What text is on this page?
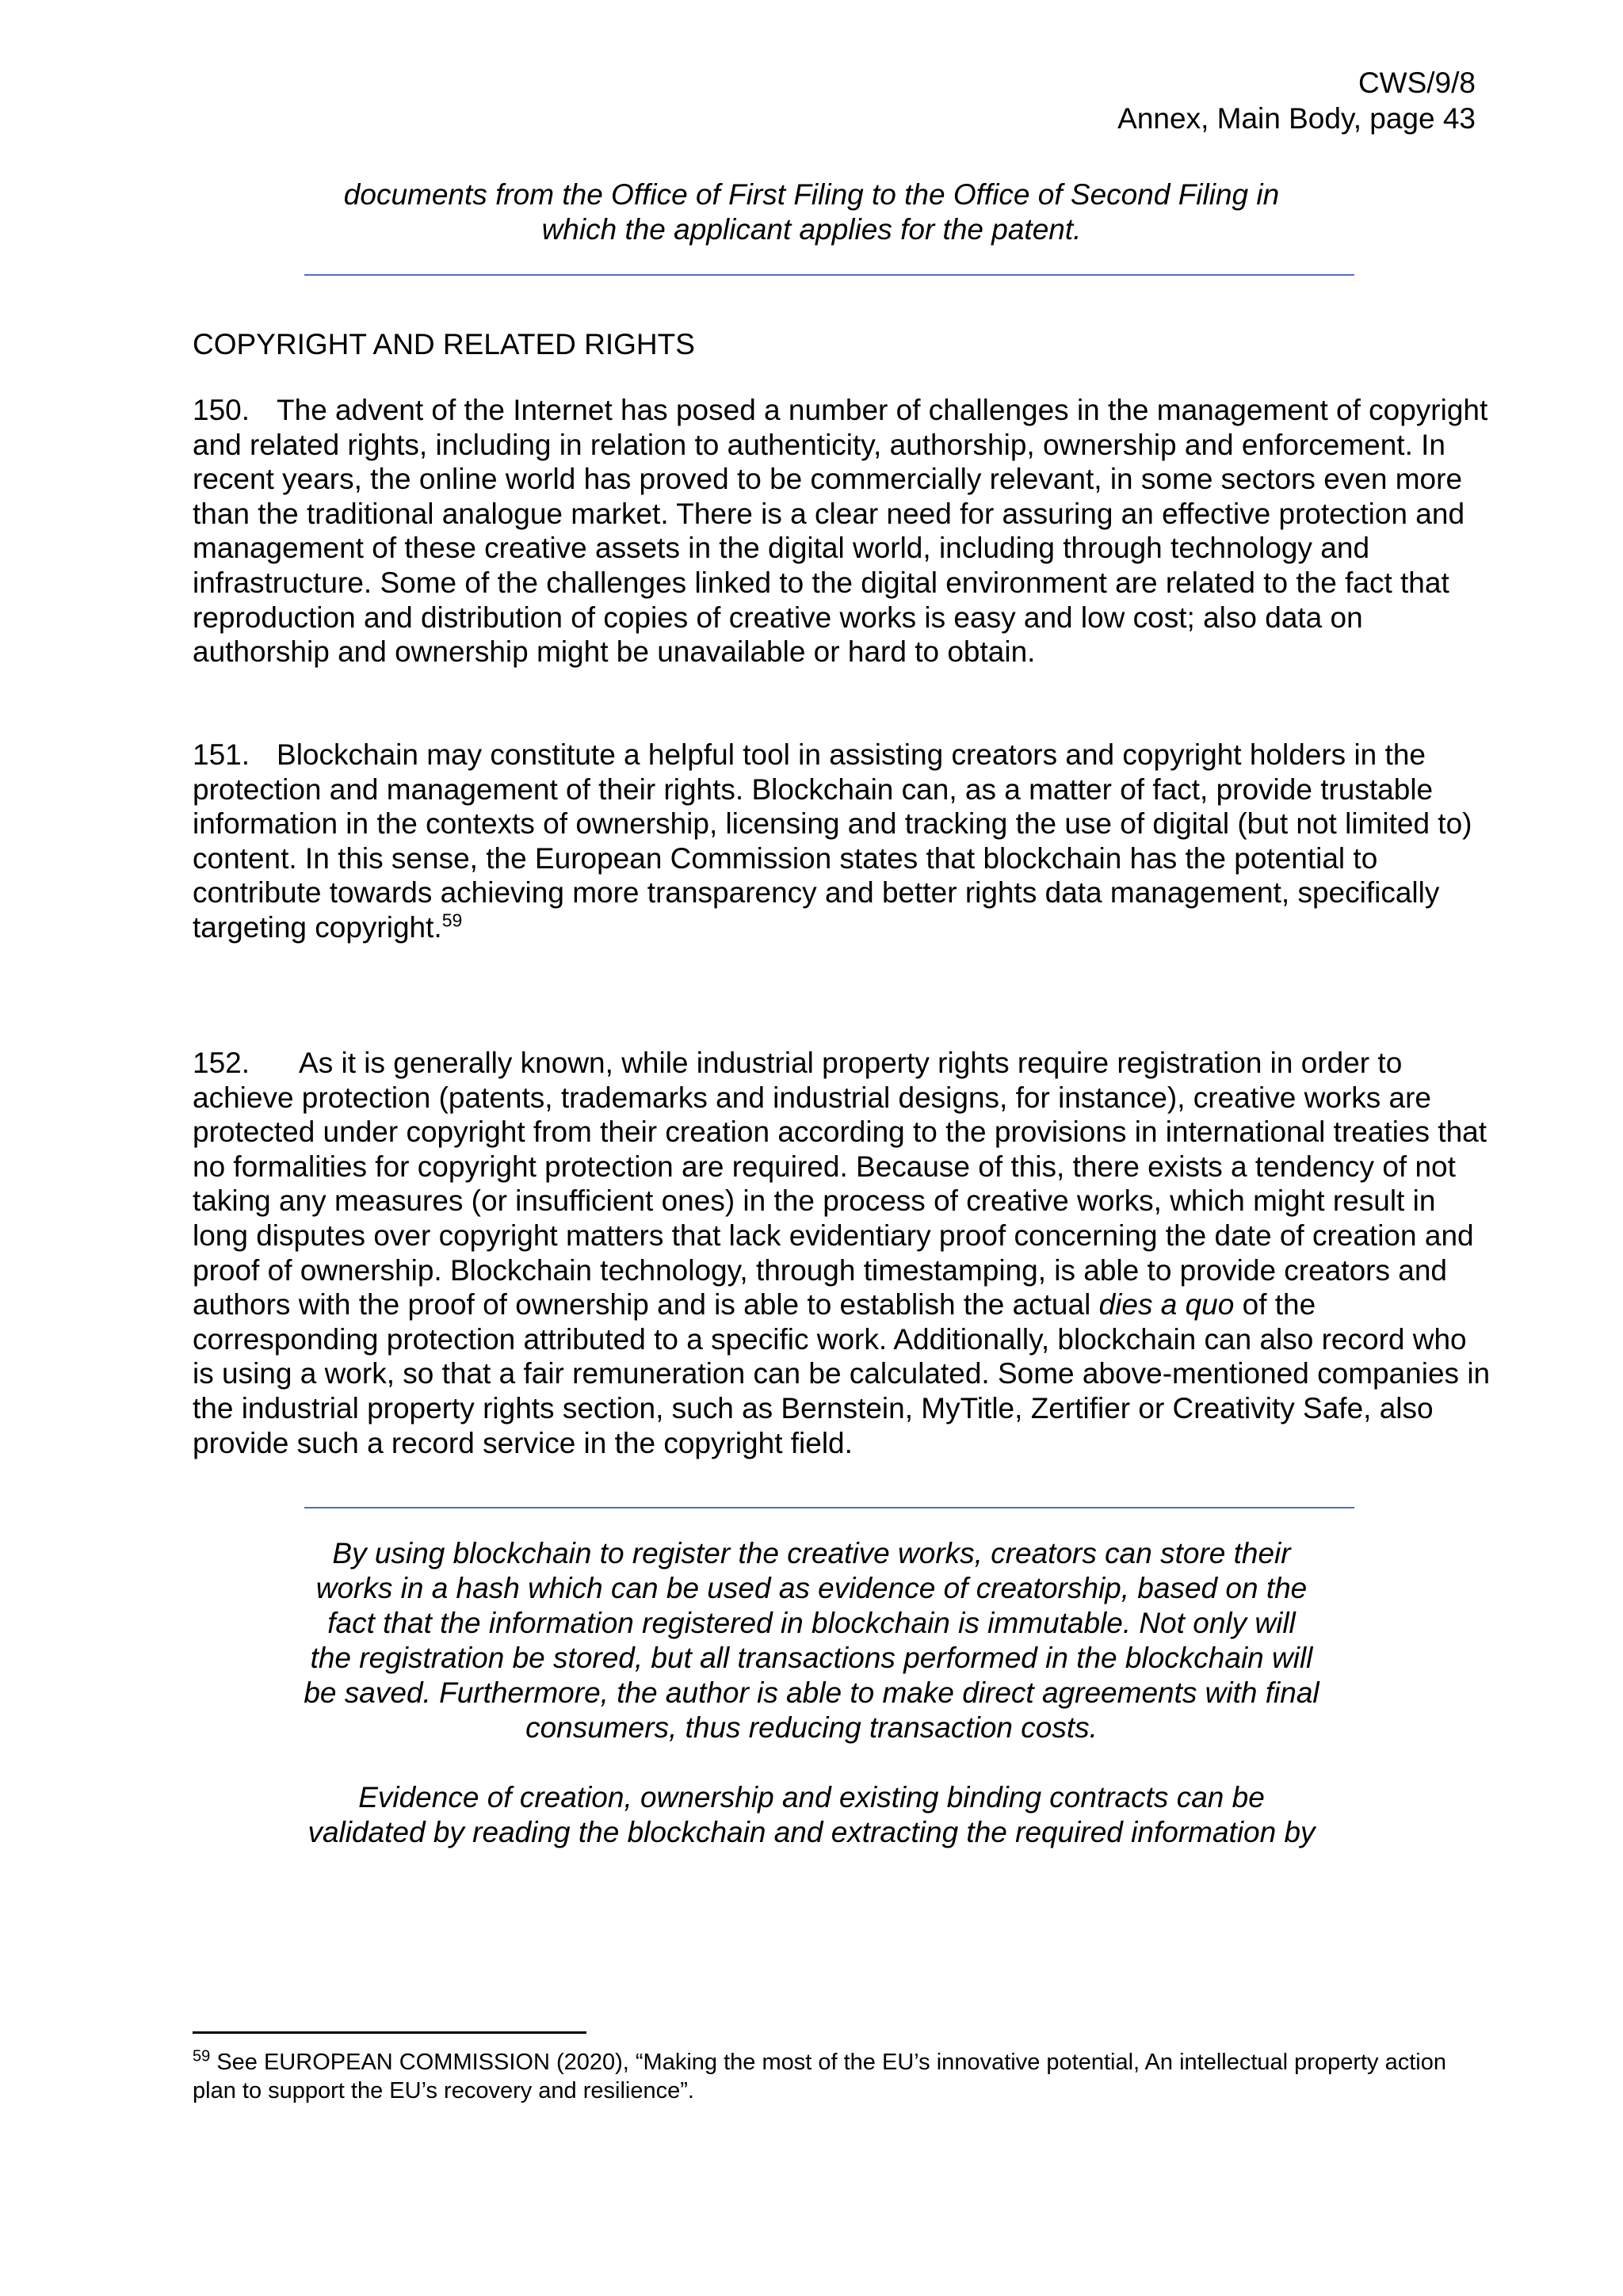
CWS/9/8
Annex, Main Body, page 43
documents from the Office of First Filing to the Office of Second Filing in
which the applicant applies for the patent.
COPYRIGHT AND RELATED RIGHTS
150. The advent of the Internet has posed a number of challenges in the management of copyright and related rights, including in relation to authenticity, authorship, ownership and enforcement. In recent years, the online world has proved to be commercially relevant, in some sectors even more than the traditional analogue market. There is a clear need for assuring an effective protection and management of these creative assets in the digital world, including through technology and infrastructure. Some of the challenges linked to the digital environment are related to the fact that reproduction and distribution of copies of creative works is easy and low cost; also data on authorship and ownership might be unavailable or hard to obtain.
151. Blockchain may constitute a helpful tool in assisting creators and copyright holders in the protection and management of their rights. Blockchain can, as a matter of fact, provide trustable information in the contexts of ownership, licensing and tracking the use of digital (but not limited to) content. In this sense, the European Commission states that blockchain has the potential to contribute towards achieving more transparency and better rights data management, specifically targeting copyright.$^{59}$
152. As it is generally known, while industrial property rights require registration in order to achieve protection (patents, trademarks and industrial designs, for instance), creative works are protected under copyright from their creation according to the provisions in international treaties that no formalities for copyright protection are required. Because of this, there exists a tendency of not taking any measures (or insufficient ones) in the process of creative works, which might result in long disputes over copyright matters that lack evidentiary proof concerning the date of creation and proof of ownership. Blockchain technology, through timestamping, is able to provide creators and authors with the proof of ownership and is able to establish the actual dies a quo of the corresponding protection attributed to a specific work. Additionally, blockchain can also record who is using a work, so that a fair remuneration can be calculated. Some above-mentioned companies in the industrial property rights section, such as Bernstein, MyTitle, Zertifier or Creativity Safe, also provide such a record service in the copyright field.
By using blockchain to register the creative works, creators can store their
works in a hash which can be used as evidence of creatorship, based on the
fact that the information registered in blockchain is immutable. Not only will
the registration be stored, but all transactions performed in the blockchain will
be saved. Furthermore, the author is able to make direct agreements with final
consumers, thus reducing transaction costs.
Evidence of creation, ownership and existing binding contracts can be
validated by reading the blockchain and extracting the required information by
$^{59}$ See EUROPEAN COMMISSION (2020), “Making the most of the EU’s innovative potential, An intellectual property action plan to support the EU’s recovery and resilience”.
